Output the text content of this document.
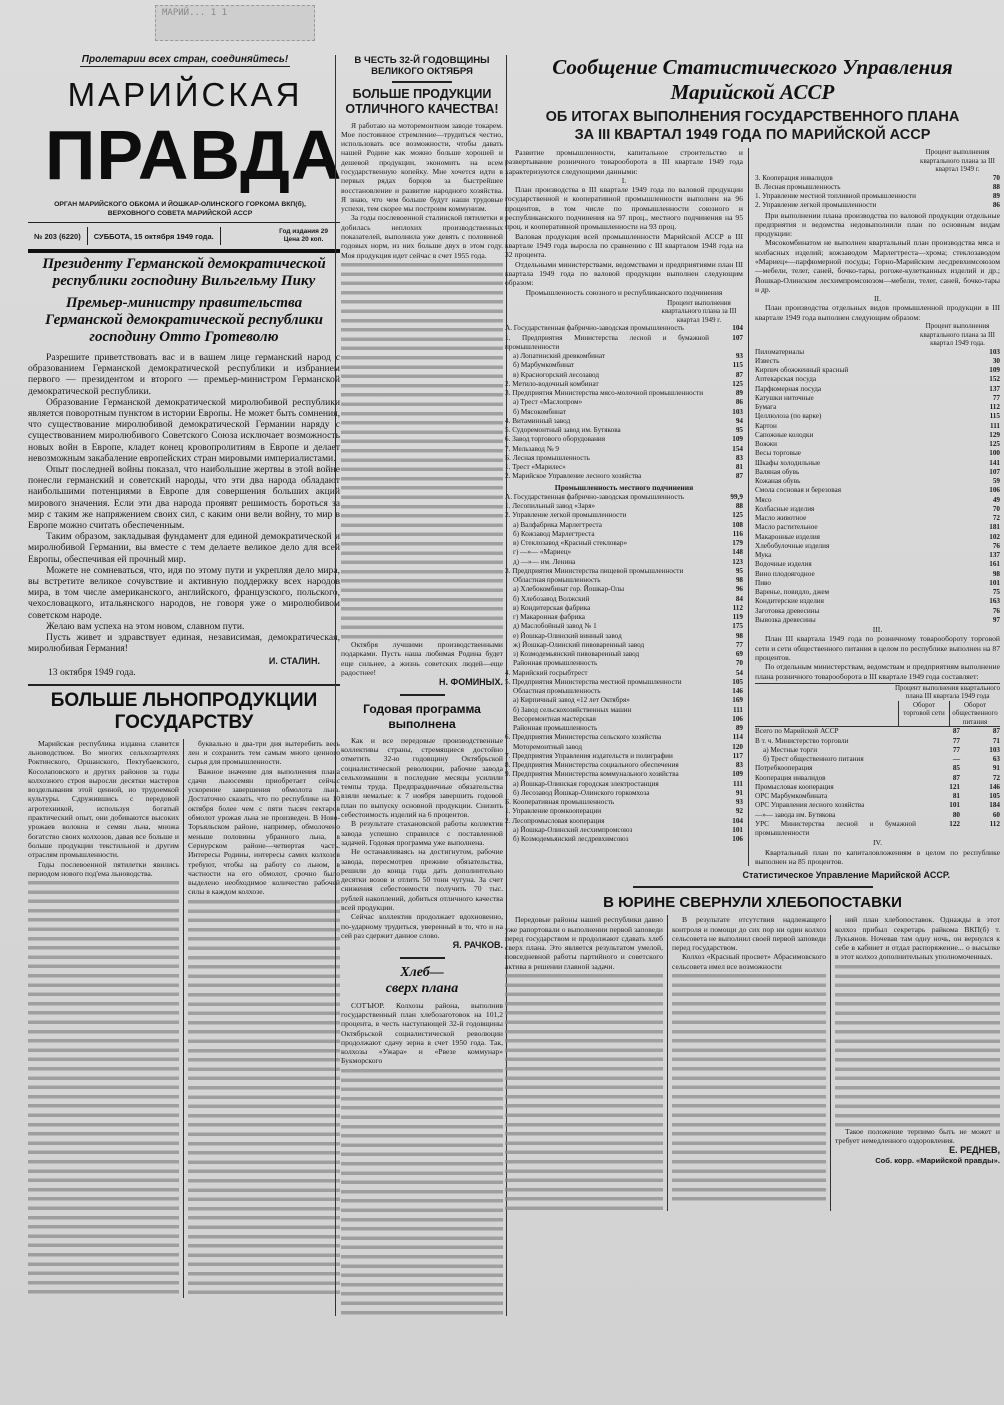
МАРИЙ... 1 1
Пролетарии всех стран, соединяйтесь!
МАРИЙСКАЯ
ПРАВДА
ОРГАН МАРИЙСКОГО ОБКОМА И ЙОШКАР-ОЛИНСКОГО ГОРКОМА ВКП(б),
ВЕРХОВНОГО СОВЕТА МАРИЙСКОЙ АССР
№ 203 (6220)	СУББОТА, 15 октября 1949 года.	Год издания 29
Цена 20 коп.
Президенту Германской демократической республики господину Вильгельму Пику
Премьер-министру правительства Германской демократической республики господину Отто Гротеволю

Разрешите приветствовать вас и в вашем лице германский народ с образованием Германской демократической республики и избранием первого — президентом и второго — премьер-министром Германской демократической республики.

Образование Германской демократической миролюбивой республики является поворотным пунктом в истории Европы. Не может быть сомнения, что существование миролюбивой демократической Германии наряду с существованием миролюбивого Советского Союза исключает возможность новых войн в Европе, кладет конец кровопролитиям в Европе и делает невозможным закабаление европейских стран мировыми империалистами.

Опыт последней войны показал, что наибольшие жертвы в этой войне понесли германский и советский народы, что эти два народа обладают наибольшими потенциями в Европе для совершения больших акций мирового значения. Если эти два народа проявят решимость бороться за мир с таким же напряжением своих сил, с каким они вели войну, то мир в Европе можно считать обеспеченным.

Таким образом, закладывая фундамент для единой демократической и миролюбивой Германии, вы вместе с тем делаете великое дело для всей Европы, обеспечивая ей прочный мир.

Можете не сомневаться, что, идя по этому пути и укрепляя дело мира, вы встретите великое сочувствие и активную поддержку всех народов мира, в том числе американского, английского, французского, польского, чехословацкого, итальянского народов, не говоря уже о миролюбивом советском народе.

Желаю вам успеха на этом новом, славном пути.

Пусть живет и здравствует единая, независимая, демократическая, миролюбивая Германия!

И. СТАЛИН.
13 октября 1949 года.
БОЛЬШЕ ЛЬНОПРОДУКЦИИ
ГОСУДАРСТВУ

Марийская республика издавна славится льноводством. Во многих сельхозартелях Роктинского, Оршанского, Пектубаевского, Косолаповского и других районов за годы колхозного строя выросли десятки мастеров возделывания этой ценной, но трудоемкой культуры. Сдружившись с передовой агротехникой, используя богатый практический опыт, они добиваются высоких урожаев волокна и семян льна, множа богатство своих колхозов, давая все больше и больше продукции текстильной и другим отраслям промышленности.

Годы послевоенной пятилетки явились периодом нового под'ема льноводства.

буквально в два-три дня вытеребить весь лен и сохранить тем самым много ценного сырья для промышленности.

Важное значение для выполнения плана сдачи льносемян приобретает сейчас ускорение завершения обмолота льна. Достаточно сказать, что по республике на 10 октября более чем с пяти тысяч гектаров обмолот урожая льна не произведен. В Ново-Торъяльском районе, например, обмолочено меньше половины убранного льна, в Сернурском районе—четвертая часть. Интересы Родины, интересы самих колхозов требуют, чтобы на работу со льном, в частности на его обмолот, срочно было выделено необходимое количество рабочей силы в каждом колхозе.

В ЧЕСТЬ 32-Й ГОДОВЩИНЫ ВЕЛИКОГО ОКТЯБРЯ
БОЛЬШЕ ПРОДУКЦИИ ОТЛИЧНОГО КАЧЕСТВА!

Я работаю на моторемонтном заводе токарем. Мое постоянное стремление—трудиться честно, использовать все возможности, чтобы давать нашей Родине как можно больше хорошей и дешевой продукции, экономить на всем государственную копейку. Мне хочется идти в первых рядах борцов за быстрейшее восстановление и развитие народного хозяйства. Я знаю, что чем больше будут наши трудовые успехи, тем скорее мы построим коммунизм.

За годы послевоенной сталинской пятилетки я добилась неплохих производственных показателей, выполнила уже девять с половиной годовых норм, из них больше двух в этом году. Моя продукция идет сейчас в счет 1955 года.

Октября лучшими производственными подарками. Пусть наша любимая Родина будет еще сильнее, а жизнь советских людей—еще радостнее!

Н. ФОМИНЫХ.
Годовая программа выполнена

Как и все передовые производственные коллективы страны, стремящиеся достойно отметить 32-ю годовщину Октябрьской социалистической революции, рабочие завода сельхозмашин в последние месяцы усилили темпы труда. Предпраздничные обязательства взяли немалые: к 7 ноября завершить годовой план по выпуску основной продукции. Снизить себестоимость изделий на 6 процентов.

В результате стахановской работы коллектив завода успешно справился с поставленной задачей. Годовая программа уже выполнена.

Не останавливаясь на достигнутом, рабочие завода, пересмотрев прежние обязательства, решили до конца года дать дополнительно десятки возов и отлить 50 тонн чугуна. За счет снижения себестоимости получить 70 тыс. рублей накоплений, добиться отличного качества всей продукции.

Сейчас коллектив продолжает вдохновенно, по-ударному трудиться, уверенный в то, что и на сей раз сдержит данное слово.

Я. РАЧКОВ.
Хлеб—
сверх плана

СОТЪЮР. Колхозы района, выполнив государственный план хлебозаготовок на 101,2 процента, в честь наступающей 32-й годовщины Октябрьской социалистической революции продолжают сдачу зерна в счет 1950 года. Так, колхозы «Ужара» и «Рвезе коммунар» Букморского

Сообщение Статистического Управления Марийской АССР
ОБ ИТОГАХ ВЫПОЛНЕНИЯ ГОСУДАРСТВЕННОГО ПЛАНА
ЗА III КВАРТАЛ 1949 ГОДА ПО МАРИЙСКОЙ АССР

Развитие промышленности, капитальное строительство и развертывание розничного товарооборота в III квартале 1949 года характеризуются следующими данными:

I.

План производства в III квартале 1949 года по валовой продукции государственной и кооперативной промышленности выполнен на 96 процентов, в том числе по промышленности союзного и республиканского подчинения на 97 проц., местного подчинения на 95 проц. и кооперативной промышленности на 93 проц.

Валовая продукция всей промышленности Марийской АССР в III квартале 1949 года выросла по сравнению с III кварталом 1948 года на 32 процента.

Отдельными министерствами, ведомствами и предприятиями план III квартала 1949 года по валовой продукции выполнен следующим образом:

Промышленность союзного и республиканского подчинения
Процент выполнения квартального плана за III квартал 1949 г.
А. Государственная фабрично-заводская промышленность	104
1. Предприятия Министерства лесной и бумажной промышленности
107
а) Лопатинский древкомбинат	93
б) Марбумкомбинат	115
в) Красногорский лесозавод	87
2. Метило-водочный комбинат	125
3. Предприятия Министерства мясо-молочной промышленности	89
а) Трест «Маслопром»	86
б) Мясокомбинат	103
4. Витаминный завод	94
5. Судоремонтный завод им. Бутякова	95
6. Завод торгового оборудования	109
7. Мельзавод № 9	154
Б. Лесная промышленность	83
1. Трест «Марилес»	81
2. Марийское Управление лесного хозяйства	87
Промышленность местного подчинения
А. Государственная фабрично-заводская промышленность	99,9
1. Лесопильный завод «Заря»	88
2. Управление легкой промышленности	125
а) Валфабрика Марлегтреста	108
б) Кожзавод Марлегтреста	116
в) Стеклозавод «Красный стекловар»	179
г) —»— «Мариец»	148
д) —»— им. Ленина	123
3. Предприятия Министерства пищевой промышленности	95
Областная промышленность	98
а) Хлебокомбинат гор. Йошкар-Олы	96
б) Хлебозавод Волжский	84
в) Кондитерская фабрика	112
г) Макаронная фабрика	119
д) Маслобойный завод № 1	175
е) Йошкар-Олинский винный завод	98
ж) Йошкар-Олинский пивоваренный завод	77
з) Козмодемьянский пивоваренный завод	69
Районная промышленность	70
4. Марийский госрыбтрест	54
5. Предприятия Министерства местной промышленности	105
Областная промышленность	146
а) Кирпичный завод «12 лет Октября»	169
б) Завод сельскохозяйственных машин	111
Весоремонтная мастерская	106
Районная промышленность	89
6. Предприятия Министерства сельского хозяйства	114
Моторемонтный завод	120
7. Предприятия Управления издательств и полиграфии	117
8. Предприятия Министерства социального обеспечения	83
9. Предприятия Министерства коммунального хозяйства	109
а) Йошкар-Олинская городская электростанция	111
б) Лесозавод Йошкар-Олинского горкомхоза	91
Б. Кооперативная промышленность	93
1. Управление промкооперации	92
2. Лесопромысловая кооперация	104
а) Йошкар-Олинский лесхимпромсоюз	101
б) Козмодемьянский лесдревхимсоюз	106
Процент выполнения квартального плана за III квартал 1949 г.
3. Кооперация инвалидов	70
В. Лесная промышленность	88
1. Управление местной топливной промышленности	89
2. Управление легкой промышленности	86

При выполнении плана производства по валовой продукции отдельные предприятия и ведомства недовыполнили план по основным видам продукции:

Мясокомбинатом не выполнен квартальный план производства мяса и колбасных изделий; кожзаводом Марлегтреста—хрома; стеклозаводом «Мариец»—парфюмерной посуды; Горно-Марийским лесдревхимсоюзом—мебели, телег, саней, бочко-тары, рогоже-кулетканных изделий и др.; Йошкар-Олинским лесхимпромсоюзом—мебели, телег, саней, бочко-тары и др.

II.

План производства отдельных видов промышленной продукции в III квартале 1949 года выполнен следующим образом:

Процент выполнения квартального плана за III квартал 1949 года.
Пиломатериалы	103
Известь	30
Кирпич обожженный красный	109
Аптекарская посуда	152
Парфюмерная посуда	137
Катушки ниточные	77
Бумага	112
Целлюлоза (по варке)	115
Картон	111
Сапожные колодки	129
Вожжи	125
Весы торговые	100
Шкафы холодильные	141
Валяная обувь	107
Кожаная обувь	59
Смола сосновая и березовая	106
Мясо	49
Колбасные изделия	70
Масло животное	72
Масло растительное	181
Макаронные изделия	102
Хлебобулочные изделия	76
Мука	137
Водочные изделия	161
Вино плодоягодное	98
Пиво	101
Варенье, повидло, джем	75
Кондитерские изделия	163
Заготовка древесины	76
Вывозка древесины	97
III.

План III квартала 1949 года по розничному товарообороту торговой сети и сети общественного питания в целом по республике выполнен на 87 процентов.

По отдельным министерствам, ведомствам и предприятиям выполнение плана розничного товарооборота в III квартале 1949 года составляет:

Процент выполнения квартального плана III квартала 1949 года
Оборот торговой сети
Оборот общественного питания
Всего по Марийской АССР	87	87
В т. ч. Министерство торговли	77	71
а) Местные торги	77	103
б) Трест общественного питания	—	63
Потребкооперация	85	91
Кооперация инвалидов	87	72
Промысловая кооперация	121	146
ОРС Марбумкомбината	81	105
ОРС Управления лесного хозяйства	101	184
—»— завода им. Бутякова	80	60
УРС Министерства лесной и бумажной промышленности
122	112
IV.

Квартальный план по капиталовложениям в целом по республике выполнен на 85 процентов.

Статистическое Управление Марийской АССР.
В ЮРИНЕ СВЕРНУЛИ ХЛЕБОПОСТАВКИ

Передовые районы нашей республики давно уже рапортовали о выполнении первой заповеди перед государством и продолжают сдавать хлеб сверх плана. Это является результатом умелой, повседневной работы партийного и советского актива в решении главной задачи.

В результате отсутствия надлежащего контроля и помощи до сих пор ни один колхоз сельсовета не выполнил своей первой заповеди перед государством.

Колхоз «Красный просвет» Абрасимовского сельсовета имел все возможности

ний план хлебопоставок. Однажды в этот колхоз прибыл секретарь райкома ВКП(б) т. Лукьянов. Ночевав там одну ночь, он вернулся к себе в кабинет и отдал распоряжение... о высылке в этот колхоз дополнительных уполномоченных.

Такое положение терпимо быть не может и требует немедленного оздоровления.

Е. РЕДНЕВ,
Соб. корр. «Марийской правды».
